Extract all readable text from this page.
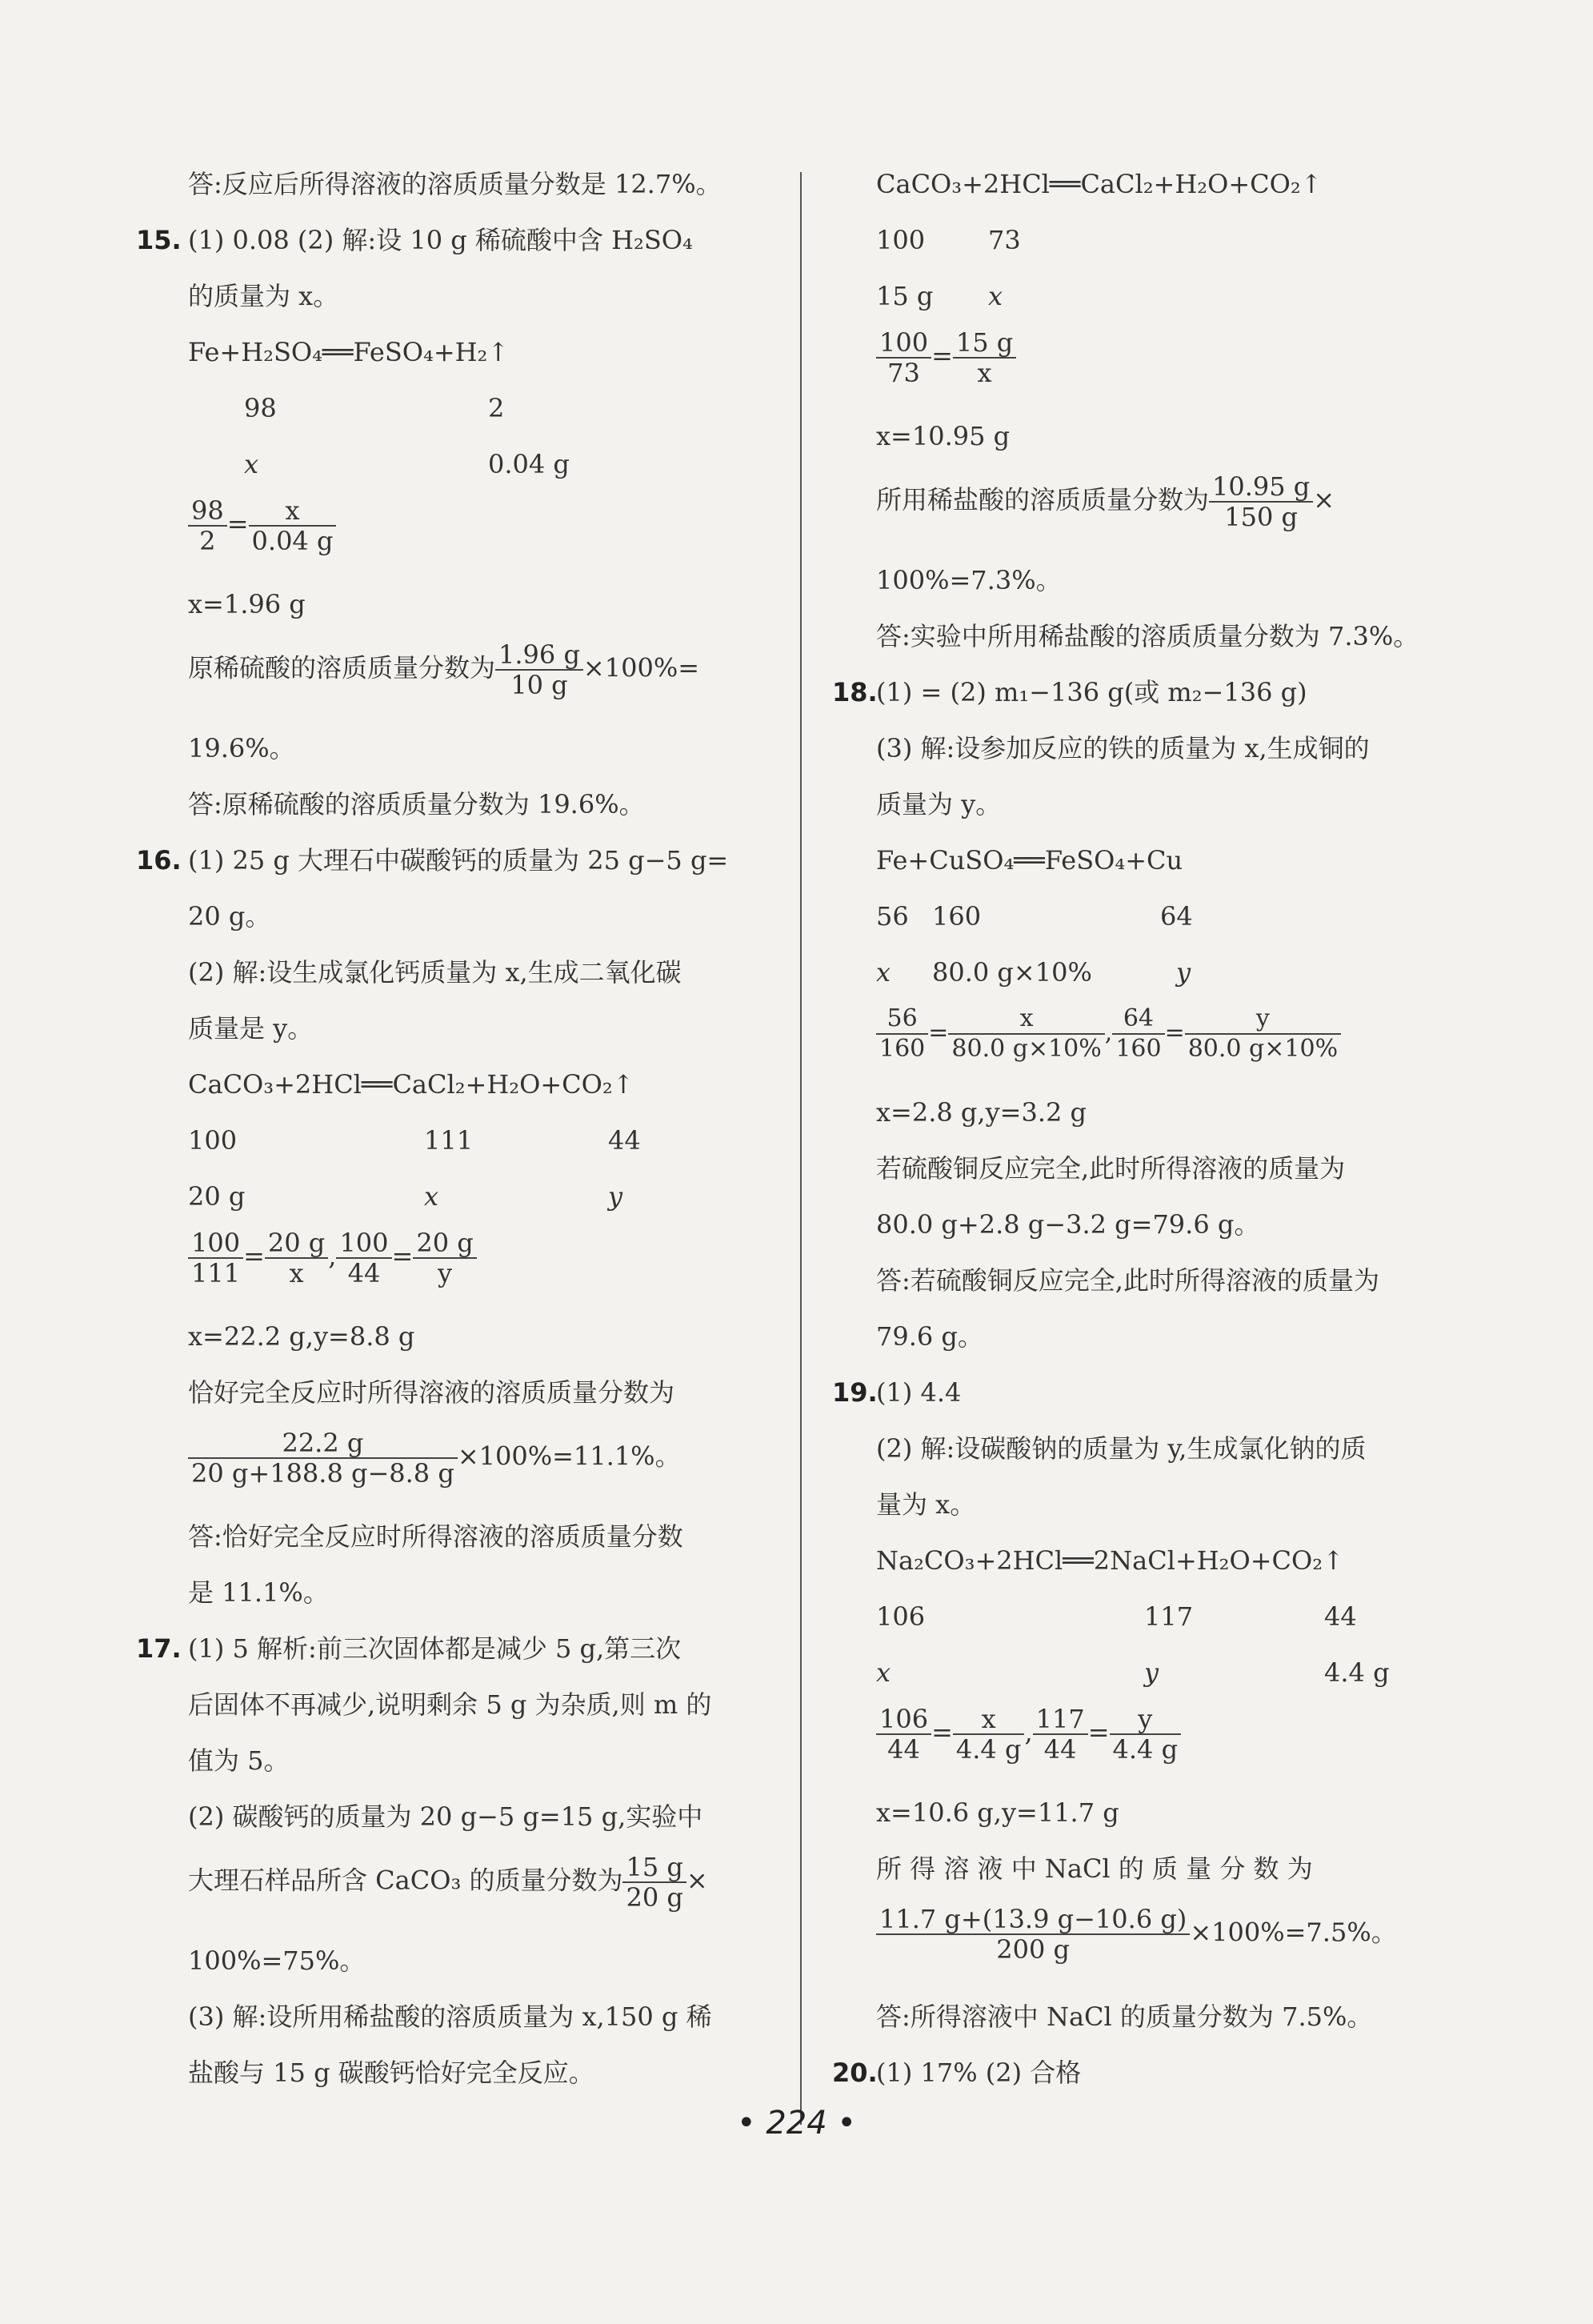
答:反应后所得溶液的溶质质量分数是 12.7%。
15. (1) 0.08 (2) 解:设 10 g 稀硫酸中含 H₂SO₄
的质量为 x。
Fe+H₂SO₄══FeSO₄+H₂↑
98	2
x	0.04 g
$\frac{98}{2} = \frac{x}{0.04 g}$
x=1.96 g
原稀硫酸的溶质质量分数为 $\frac{1.96 g}{10 g} \times 100\%=$
19.6%。
答:原稀硫酸的溶质质量分数为 19.6%。
16. (1) 25 g 大理石中碳酸钙的质量为 25 g−5 g=
20 g。
(2) 解:设生成氯化钙质量为 x,生成二氧化碳
质量是 y。
CaCO₃+2HCl══CaCl₂+H₂O+CO₂↑
100	111	44
20 g	x	y
$\frac{100}{111} = \frac{20 g}{x}$ , $\frac{100}{44} = \frac{20 g}{y}$
x=22.2 g,y=8.8 g
恰好完全反应时所得溶液的溶质质量分数为
$\frac{22.2 g}{20 g+188.8 g-8.8 g} \times 100\%=11.1\%$。
答:恰好完全反应时所得溶液的溶质质量分数
是 11.1%。
17. (1) 5 解析:前三次固体都是减少 5 g,第三次
后固体不再减少,说明剩余 5 g 为杂质,则 m 的
值为 5。
(2) 碳酸钙的质量为 20 g−5 g=15 g,实验中
大理石样品所含 CaCO₃ 的质量分数为 $\frac{15 g}{20 g}$ ×
100%=75%。
(3) 解:设所用稀盐酸的溶质质量为 x,150 g 稀
盐酸与 15 g 碳酸钙恰好完全反应。
CaCO₃+2HCl══CaCl₂+H₂O+CO₂↑
100 73
15 g x
$\frac{100}{73} = \frac{15 g}{x}$
x=10.95 g
所用稀盐酸的溶质质量分数为 $\frac{10.95 g}{150 g}$ ×
100%=7.3%。
答:实验中所用稀盐酸的溶质质量分数为 7.3%。
18.
(1) = (2) m₁−136 g(或 m₂−136 g)
(3) 解:设参加反应的铁的质量为 x,生成铜的
质量为 y。
Fe+CuSO₄══FeSO₄+Cu
56 160	64
x 80.0 g×10%	y
$\frac{56}{160} = \frac{x}{80.0 g\times 10\%}$ , $\frac{64}{160} = \frac{y}{80.0 g\times 10\%}$
x=2.8 g,y=3.2 g
若硫酸铜反应完全,此时所得溶液的质量为
80.0 g+2.8 g−3.2 g=79.6 g。
答:若硫酸铜反应完全,此时所得溶液的质量为
79.6 g。
19.
(1) 4.4
(2) 解:设碳酸钠的质量为 y,生成氯化钠的质
量为 x。
Na₂CO₃+2HCl══2NaCl+H₂O+CO₂↑
106	117	44
x	y	4.4 g
$\frac{106}{44} = \frac{x}{4.4 g}$ , $\frac{117}{44} = \frac{y}{4.4 g}$
x=10.6 g,y=11.7 g
所 得 溶 液 中 NaCl 的 质 量 分 数 为
$\frac{11.7 g+(13.9 g-10.6 g)}{200 g} \times 100\%=7.5\%$。
答:所得溶液中 NaCl 的质量分数为 7.5%。
20.
(1) 17% (2) 合格
• 224 •
